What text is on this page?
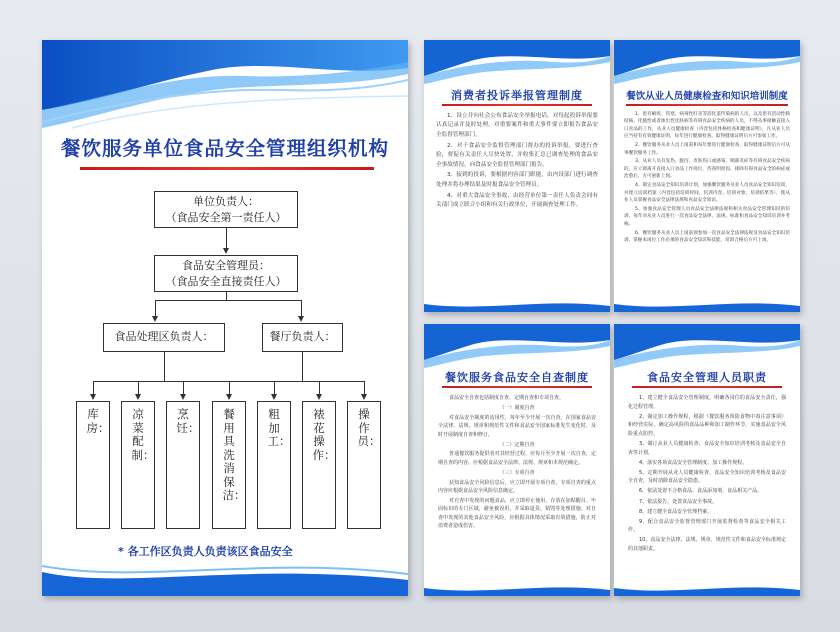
餐饮服务单位食品安全管理组织机构
单位负责人：
（食品安全第一责任人）
食品安全管理员：
（食品安全直接责任人）
食品处理区负责人：	餐厅负责人：
库房：
凉菜配制：
烹饪：
餐用具洗消保洁：
粗加工：
裱花操作：
操作员：
* 各工作区负责人负责该区食品安全
消费者投诉举报管理制度

1、设立并向社会公布食品安全举报电话，对每起投诉举报要认真记录并及时处理，对重要案件和重大事件要立即报告食品安全监督管理部门。

2、对于食品安全监督管理部门督办的投诉举报，要进行查验，督促有关责任人尽快处置，并收集汇总已调查处理的食品安全事故情况，向食品安全监督管理部门报告。

3、接到的投诉，要根据内容部门职能，由内设部门进行调查处理并将办理结果及时报食品安全管理员。

4、对重大食品安全事故，由经营单位第一责任人负责会同有关部门成立联合小组和有关行政单位，开展调查处理工作。

餐饮从业人员健康检查和知识培训制度

1、患有痢疾、伤寒、病毒性肝炎等消化道传染病的人员，以及患有活动性肺结核、化脓性或者渗出性皮肤病等有碍食品安全疾病的人员，不得从事接触直接入口食品的工作，从业人员健康检查（内容包括体格检查和健康证明），凡从业人员应当持有有效健康证明，每年进行健康检查，取得健康证明后方可参加工作。

2、餐饮服务从业人员上岗前和每年要进行健康检查，取得健康证明后方可从事餐饮服务工作。

3、从业人员有发热、腹泻、皮肤伤口或感染、咽部炎症等有碍食品安全疾病的，应立即离开直接入口食品工作岗位，待查明原因、排除有碍食品安全的病症或治愈后，方可重新上岗。

4、制定食品安全知识培训计划，加强餐饮服务从业人员食品安全知识培训，并建立培训档案（内容包括培训时间、培训内容、培训对象、培训结果等），使从业人员掌握食品安全法律法规和食品安全知识。

5、加强食品安全管理人员食品安全法律法规和相关食品安全管理知识的培训，每年对从业人员进行一次食品安全法律、法规、标准和食品安全知识培训并考核。

6、餐饮服务从业人员上岗前须参加一次食品安全法律法规及食品安全知识培训，掌握本岗位工作必须的食品安全知识和技能，培训合格后方可上岗。

餐饮服务食品安全自查制度

食品安全自查包括制度自查、定期自查和专项自查。

（一）制度自查

对食品安全制度的适用性，每年至少开展一次自查。在国家食品安全法律、法规、规章和规范性文件和食品安全国家标准发生变化时，及时开展制度自查和修订。

（二）定期自查

普通餐饮服务提供者对其经营过程，应每月至少开展一次自查，定期自查的内容，应根据食品安全法律、法规、规章和本规范确定。

（三）专项自查

获知食品安全风险信息后，应立即开展专项自查。专项自查的重点内容应根据食品安全风险信息确定。

对自查中发现的问题食品，应立即停止使用，存放在加贴醒目、牢固标识的专门区域，避免被误用，并采取退货、销毁等处理措施。对自查中发现的其他食品安全风险，应根据具体情况采取有效措施，防止对消费者造成伤害。

食品安全管理人员职责

1、建立健全食品安全管理制度，明确各岗位的食品安全责任，强化过程管理。

2、制定加工操作规程，根据《餐饮服务预防食物中毒注意事项》和经营实际，确定高风险的食品品种和加工制作环节，实施食品安全风险重点防控。

3、制订从业人员健康检查、食品安全知识培训考核及食品安全自查等计划。

4、落实各项食品安全管理制度、加工操作规程。

5、定期开展从业人员健康检查、食品安全知识培训考核及食品安全自查，及时消除食品安全隐患。

6、依法处置不合格食品、食品添加剂、食品相关产品。

7、依法报告、处置食品安全事故。

8、建立健全食品安全管理档案。

9、配合食品安全监督管理部门开展监督检查等食品安全相关工作。

10、食品安全法律、法规、规章、规范性文件和食品安全标准规定的其他职责。
